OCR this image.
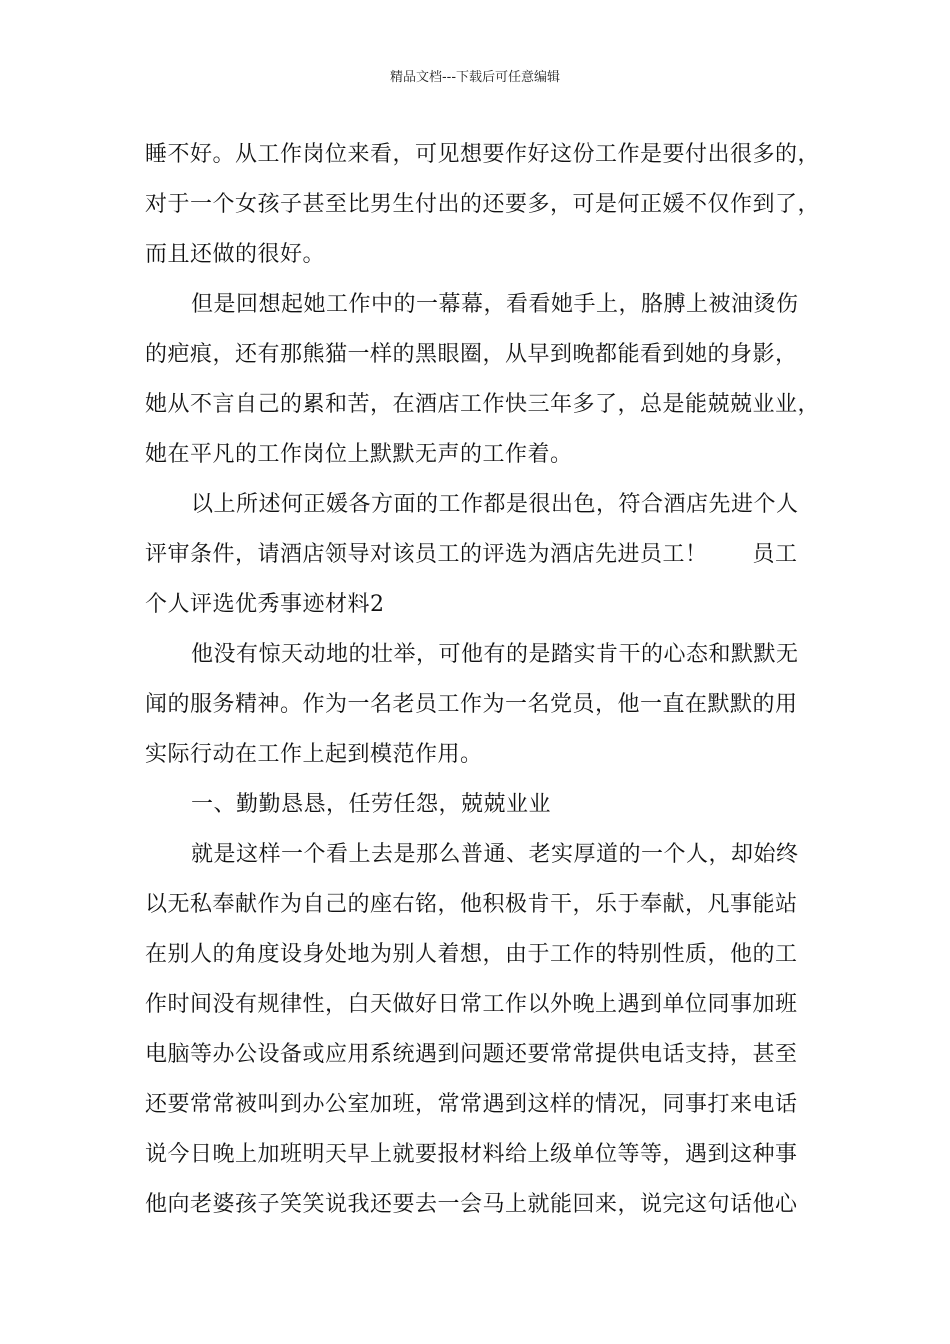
精品文档---下载后可任意编辑
睡不好。从工作岗位来看，可见想要作好这份工作是要付出很多的，
对于一个女孩子甚至比男生付出的还要多，可是何正媛不仅作到了，
而且还做的很好。
但是回想起她工作中的一幕幕，看看她手上，胳膊上被油烫伤
的疤痕，还有那熊猫一样的黑眼圈，从早到晚都能看到她的身影，
她从不言自己的累和苦，在酒店工作快三年多了，总是能兢兢业业，
她在平凡的工作岗位上默默无声的工作着。
以上所述何正媛各方面的工作都是很出色，符合酒店先进个人
评审条件，请酒店领导对该员工的评选为酒店先进员工！　　员工
个人评选优秀事迹材料2
他没有惊天动地的壮举，可他有的是踏实肯干的心态和默默无
闻的服务精神。作为一名老员工作为一名党员，他一直在默默的用
实际行动在工作上起到模范作用。
一、勤勤恳恳，任劳任怨，兢兢业业
就是这样一个看上去是那么普通、老实厚道的一个人，却始终
以无私奉献作为自己的座右铭，他积极肯干，乐于奉献，凡事能站
在别人的角度设身处地为别人着想，由于工作的特别性质，他的工
作时间没有规律性，白天做好日常工作以外晚上遇到单位同事加班
电脑等办公设备或应用系统遇到问题还要常常提供电话支持，甚至
还要常常被叫到办公室加班，常常遇到这样的情况，同事打来电话
说今日晚上加班明天早上就要报材料给上级单位等等，遇到这种事
他向老婆孩子笑笑说我还要去一会马上就能回来，说完这句话他心
